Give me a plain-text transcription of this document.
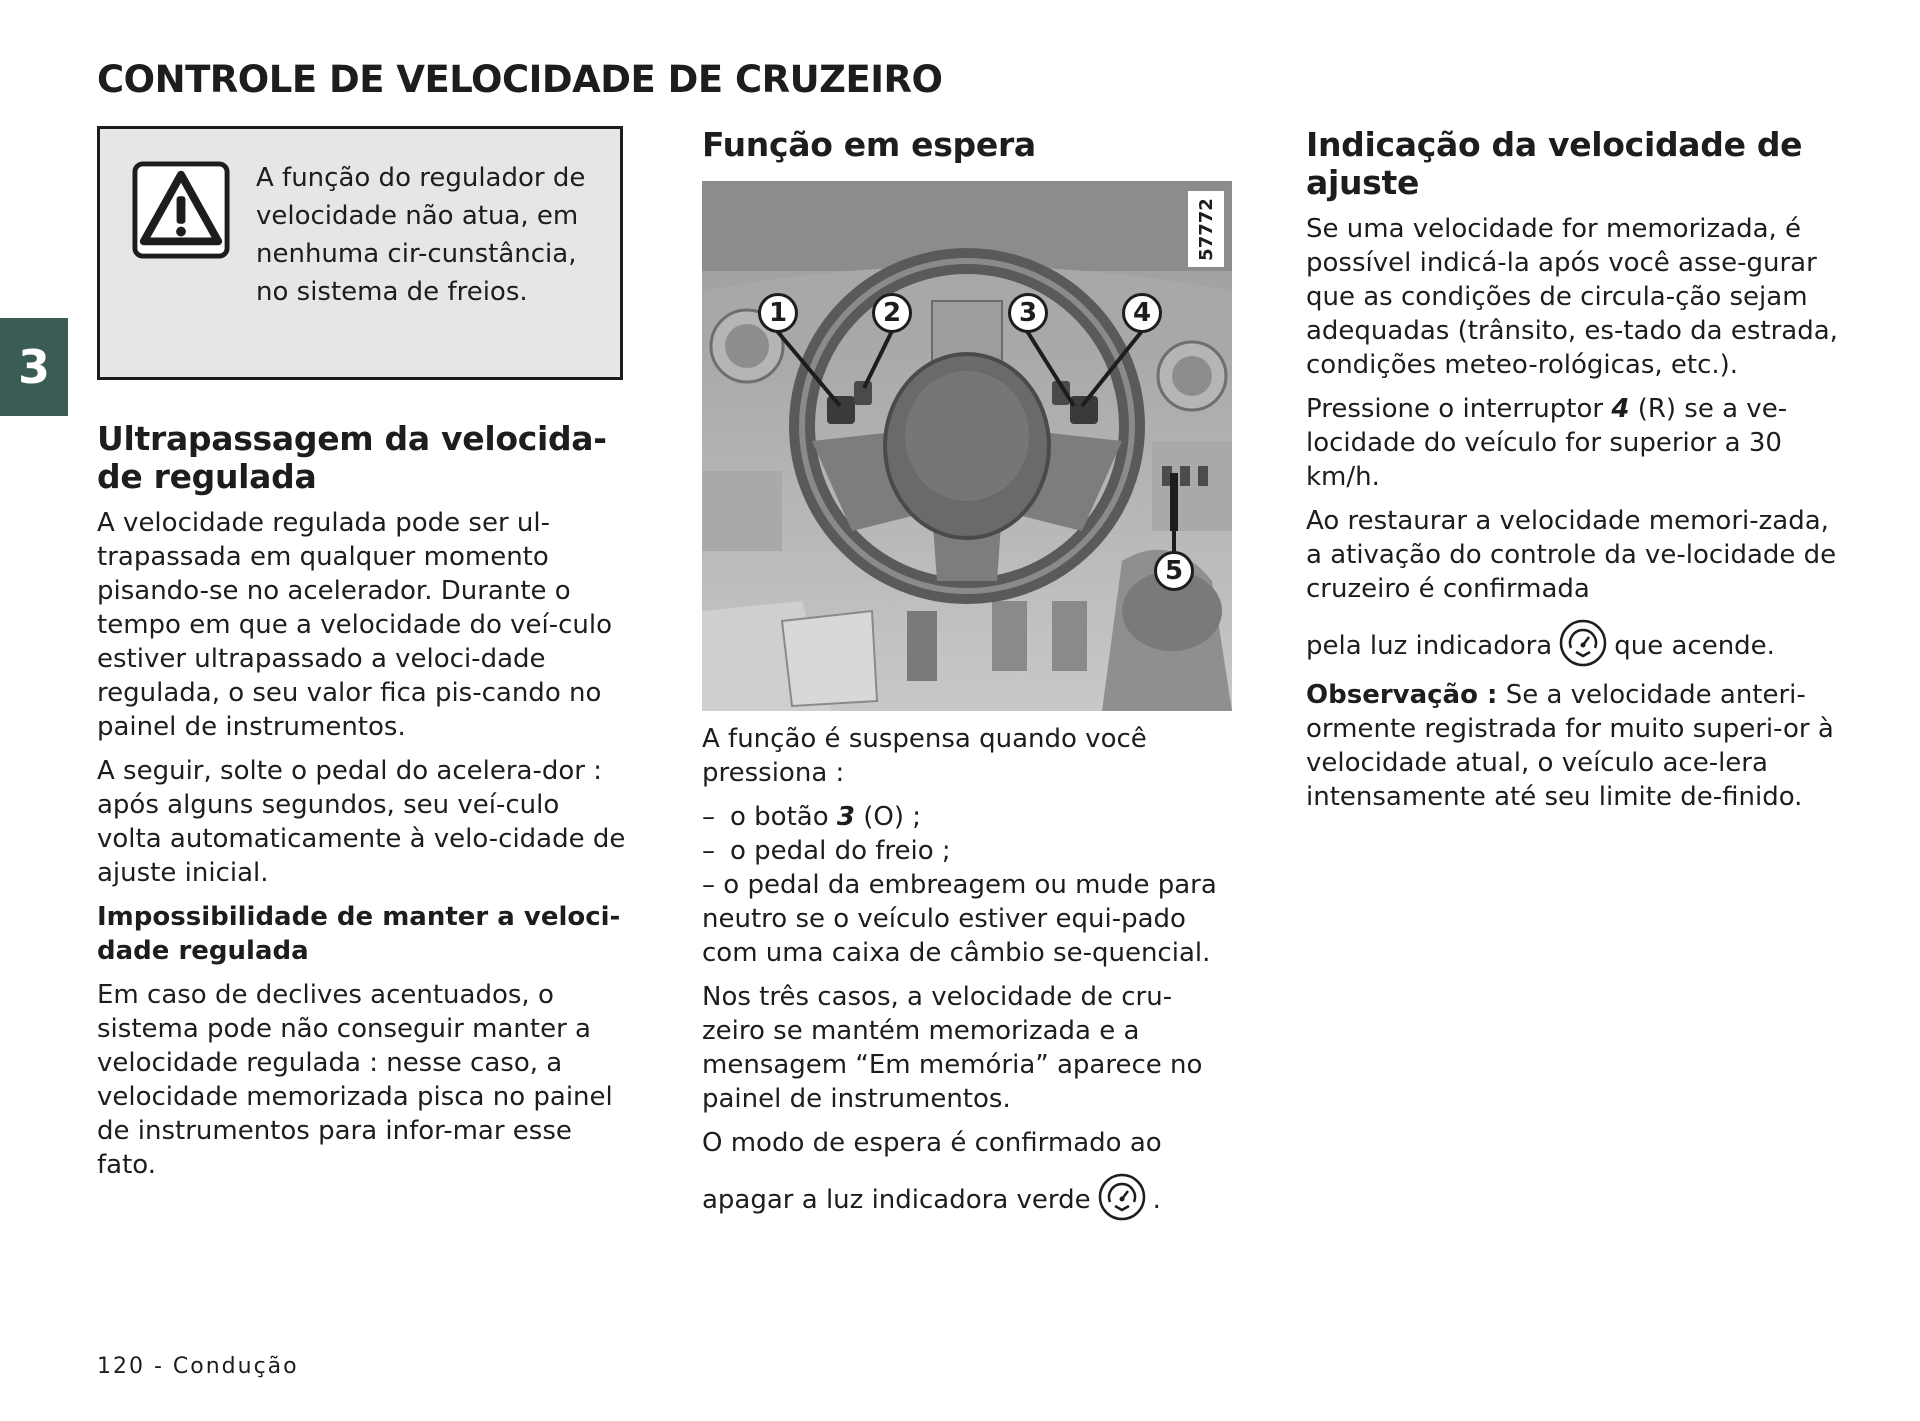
CONTROLE DE VELOCIDADE DE CRUZEIRO
3

A função do regulador de velocidade não atua, em nenhuma cir-cunstância, no sistema de freios.

Ultrapassagem da velocida-de regulada

A velocidade regulada pode ser ul-trapassada em qualquer momento pisando-se no acelerador. Durante o tempo em que a velocidade do veí-culo estiver ultrapassado a veloci-dade regulada, o seu valor fica pis-cando no painel de instrumentos.

A seguir, solte o pedal do acelera-dor : após alguns segundos, seu veí-culo volta automaticamente à velo-cidade de ajuste inicial.

Impossibilidade de manter a veloci-dade regulada

Em caso de declives acentuados, o sistema pode não conseguir manter a velocidade regulada : nesse caso, a velocidade memorizada pisca no painel de instrumentos para infor-mar esse fato.

Função em espera
57772
1	2	3	4
5

A função é suspensa quando você pressiona :

– o botão 3 (O) ;
– o pedal do freio ;
– o pedal da embreagem ou mude para neutro se o veículo estiver equi-pado com uma caixa de câmbio se-quencial.

Nos três casos, a velocidade de cru-zeiro se mantém memorizada e a mensagem “Em memória” aparece no painel de instrumentos.

O modo de espera é confirmado ao

apagar a luz indicadora verde .

Indicação da velocidade de ajuste

Se uma velocidade for memorizada, é possível indicá-la após você asse-gurar que as condições de circula-ção sejam adequadas (trânsito, es-tado da estrada, condições meteo-rológicas, etc.).

Pressione o interruptor 4 (R) se a ve-locidade do veículo for superior a 30 km/h.

Ao restaurar a velocidade memori-zada, a ativação do controle da ve-locidade de cruzeiro é confirmada

pela luz indicadora que acende.

Observação : Se a velocidade anteri-ormente registrada for muito superi-or à velocidade atual, o veículo ace-lera intensamente até seu limite de-finido.

120 - Condução
